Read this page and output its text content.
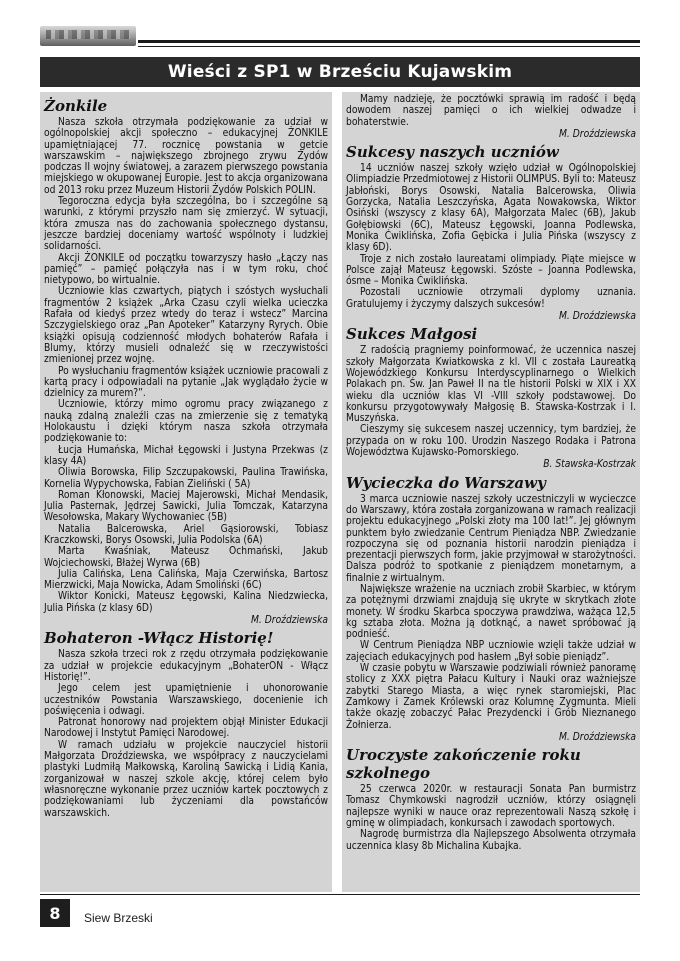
Wieści z SP1 w Brześciu Kujawskim
Żonkile

Nasza szkoła otrzymała podziękowanie za udział w ogólnopolskiej akcji społeczno – edukacyjnej ŻONKILE upamiętniającej 77. rocznicę powstania w getcie warszawskim – największego zbrojnego zrywu Żydów podczas II wojny światowej, a zarazem pierwszego powstania miejskiego w okupowanej Europie. Jest to akcja organizowana od 2013 roku przez Muzeum Historii Żydów Polskich POLIN.

Tegoroczna edycja była szczególna, bo i szczególne są warunki, z którymi przyszło nam się zmierzyć. W sytuacji, która zmusza nas do zachowania społecznego dystansu, jeszcze bardziej doceniamy wartość wspólnoty i ludzkiej solidarności.

Akcji ŻONKILE od początku towarzyszy hasło „Łączy nas pamięć” – pamięć połączyła nas i w tym roku, choć nietypowo, bo wirtualnie.

Uczniowie klas czwartych, piątych i szóstych wysłuchali fragmentów 2 książek „Arka Czasu czyli wielka ucieczka Rafała od kiedyś przez wtedy do teraz i wstecz” Marcina Szczygielskiego oraz „Pan Apoteker” Katarzyny Ryrych. Obie książki opisują codzienność młodych bohaterów Rafała i Blumy, którzy musieli odnaleźć się w rzeczywistości zmienionej przez wojnę.

Po wysłuchaniu fragmentów książek uczniowie pracowali z kartą pracy i odpowiadali na pytanie „Jak wyglądało życie w dzielnicy za murem?”.

Uczniowie, którzy mimo ogromu pracy związanego z nauką zdalną znaleźli czas na zmierzenie się z tematyką Holokaustu i dzięki którym nasza szkoła otrzymała podziękowanie to:

Łucja Humańska, Michał Łęgowski i Justyna Przekwas (z klasy 4A)

Oliwia Borowska, Filip Szczupakowski, Paulina Trawińska, Kornelia Wypychowska, Fabian Zieliński ( 5A)

Roman Kłonowski, Maciej Majerowski, Michał Mendasik, Julia Pasternak, Jędrzej Sawicki, Julia Tomczak, Katarzyna Wesołowska, Makary Wychowaniec (5B)

Natalia Balcerowska, Ariel Gąsiorowski, Tobiasz Kraczkowski, Borys Osowski, Julia Podolska (6A)

Marta Kwaśniak, Mateusz Ochmański, Jakub Wojciechowski, Błażej Wyrwa (6B)

Julia Calińska, Lena Calińska, Maja Czerwińska, Bartosz Mierzwicki, Maja Nowicka, Adam Smoliński (6C)

Wiktor Konicki, Mateusz Łęgowski, Kalina Niedzwiecka, Julia Pińska (z klasy 6D)

M. Droździewska

Bohateron -Włącz Historię!

Nasza szkoła trzeci rok z rzędu otrzymała podziękowanie za udział w projekcie edukacyjnym „BohaterON - Włącz Historię!”.

Jego celem jest upamiętnienie i uhonorowanie uczestników Powstania Warszawskiego, docenienie ich poświęcenia i odwagi.

Patronat honorowy nad projektem objął Minister Edukacji Narodowej i Instytut Pamięci Narodowej.

W ramach udziału w projekcie nauczyciel historii Małgorzata Droździewska, we współpracy z nauczycielami plastyki Ludmiłą Małkowską, Karoliną Sawicką i Lidią Kania, zorganizował w naszej szkole akcję, której celem było własnoręczne wykonanie przez uczniów kartek pocztowych z podziękowaniami lub życzeniami dla powstańców warszawskich.

Mamy nadzieję, że pocztówki sprawią im radość i będą dowodem naszej pamięci o ich wielkiej odwadze i bohaterstwie.

M. Droździewska

Sukcesy naszych uczniów

14 uczniów naszej szkoły wzięło udział w Ogólnopolskiej Olimpiadzie Przedmiotowej z Historii OLIMPUS. Byli to: Mateusz Jabłoński, Borys Osowski, Natalia Balcerowska, Oliwia Gorzycka, Natalia Leszczyńska, Agata Nowakowska, Wiktor Osiński (wszyscy z klasy 6A), Małgorzata Malec (6B), Jakub Gołębiowski (6C), Mateusz Łęgowski, Joanna Podlewska, Monika Ćwiklińska, Zofia Gębicka i Julia Pińska (wszyscy z klasy 6D).

Troje z nich zostało laureatami olimpiady. Piąte miejsce w Polsce zajął Mateusz Łęgowski. Szóste – Joanna Podlewska, ósme – Monika Ćwiklińska.

Pozostali uczniowie otrzymali dyplomy uznania. Gratulujemy i życzymy dalszych sukcesów!

M. Droździewska

Sukces Małgosi

Z radością pragniemy poinformować, że uczennica naszej szkoły Małgorzata Kwiatkowska z kl. VII c została Laureatką Wojewódzkiego Konkursu Interdyscyplinarnego o Wielkich Polakach pn. Św. Jan Paweł II na tle historii Polski w XIX i XX wieku dla uczniów klas VI -VIII szkoły podstawowej. Do konkursu przygotowywały Małgosię B. Stawska-Kostrzak i I. Muszyńska.

Cieszymy się sukcesem naszej uczennicy, tym bardziej, że przypada on w roku 100. Urodzin Naszego Rodaka i Patrona Województwa Kujawsko-Pomorskiego.

B. Stawska-Kostrzak

Wycieczka do Warszawy

3 marca uczniowie naszej szkoły uczestniczyli w wycieczce do Warszawy, która została zorganizowana w ramach realizacji projektu edukacyjnego „Polski złoty ma 100 lat!”. Jej głównym punktem było zwiedzanie Centrum Pieniądza NBP. Zwiedzanie rozpoczyna się od poznania historii narodzin pieniądza i prezentacji pierwszych form, jakie przyjmował w starożytności. Dalsza podróż to spotkanie z pieniądzem monetarnym, a finalnie z wirtualnym.

Największe wrażenie na uczniach zrobił Skarbiec, w którym za potężnymi drzwiami znajdują się ukryte w skrytkach złote monety. W środku Skarbca spoczywa prawdziwa, ważąca 12,5 kg sztaba złota. Można ją dotknąć, a nawet spróbować ją podnieść.

W Centrum Pieniądza NBP uczniowie wzięli także udział w zajęciach edukacyjnych pod hasłem „Był sobie pieniądz”.

W czasie pobytu w Warszawie podziwiali również panoramę stolicy z XXX piętra Pałacu Kultury i Nauki oraz ważniejsze zabytki Starego Miasta, a więc rynek staromiejski, Plac Zamkowy i Zamek Królewski oraz Kolumnę Zygmunta. Mieli także okazję zobaczyć Pałac Prezydencki i Grób Nieznanego Żołnierza.

M. Droździewska

Uroczyste zakończenie roku szkolnego

25 czerwca 2020r. w restauracji Sonata Pan burmistrz Tomasz Chymkowski nagrodził uczniów, którzy osiągnęli najlepsze wyniki w nauce oraz reprezentowali Naszą szkołę i gminę w olimpiadach, konkursach i zawodach sportowych.

Nagrodę burmistrza dla Najlepszego Absolwenta otrzymała uczennica klasy 8b Michalina Kubajka.

8	Siew Brzeski
